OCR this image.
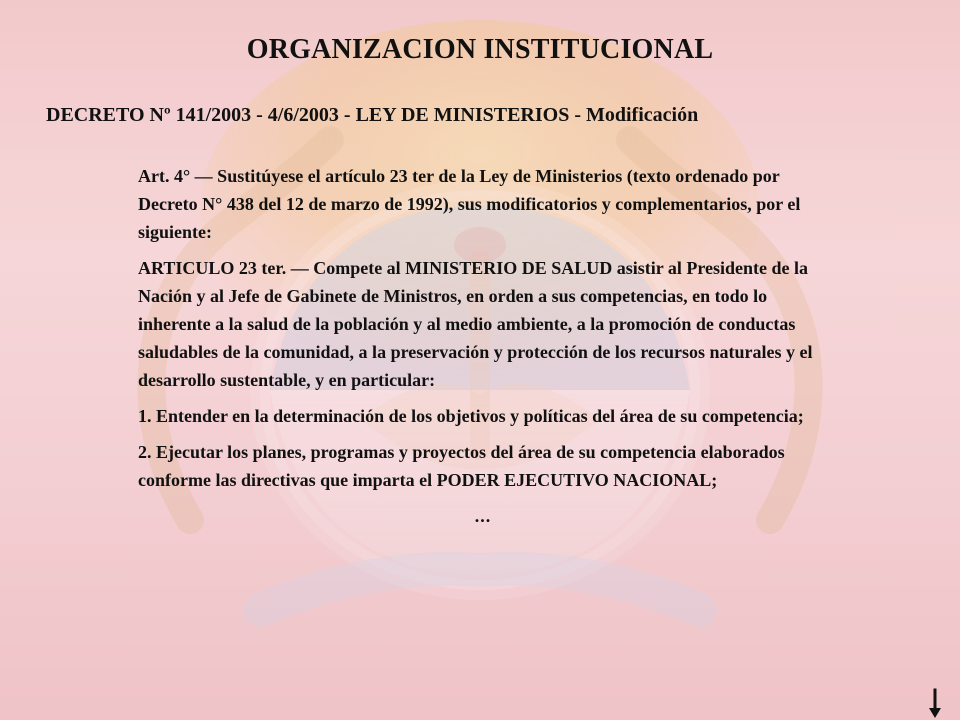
ORGANIZACION INSTITUCIONAL
DECRETO Nº 141/2003 - 4/6/2003 - LEY DE MINISTERIOS - Modificación

Art. 4° — Sustitúyese el artículo 23 ter de la Ley de Ministerios (texto ordenado por Decreto N° 438 del 12 de marzo de 1992), sus modificatorios y complementarios, por el siguiente:

ARTICULO 23 ter. — Compete al MINISTERIO DE SALUD asistir al Presidente de la Nación y al Jefe de Gabinete de Ministros, en orden a sus competencias, en todo lo inherente a la salud de la población y al medio ambiente, a la promoción de conductas saludables de la comunidad, a la preservación y protección de los recursos naturales y el desarrollo sustentable, y en particular:

1. Entender en la determinación de los objetivos y políticas del área de su competencia;

2. Ejecutar los planes, programas y proyectos del área de su competencia elaborados conforme las directivas que imparta el PODER EJECUTIVO NACIONAL;

...
